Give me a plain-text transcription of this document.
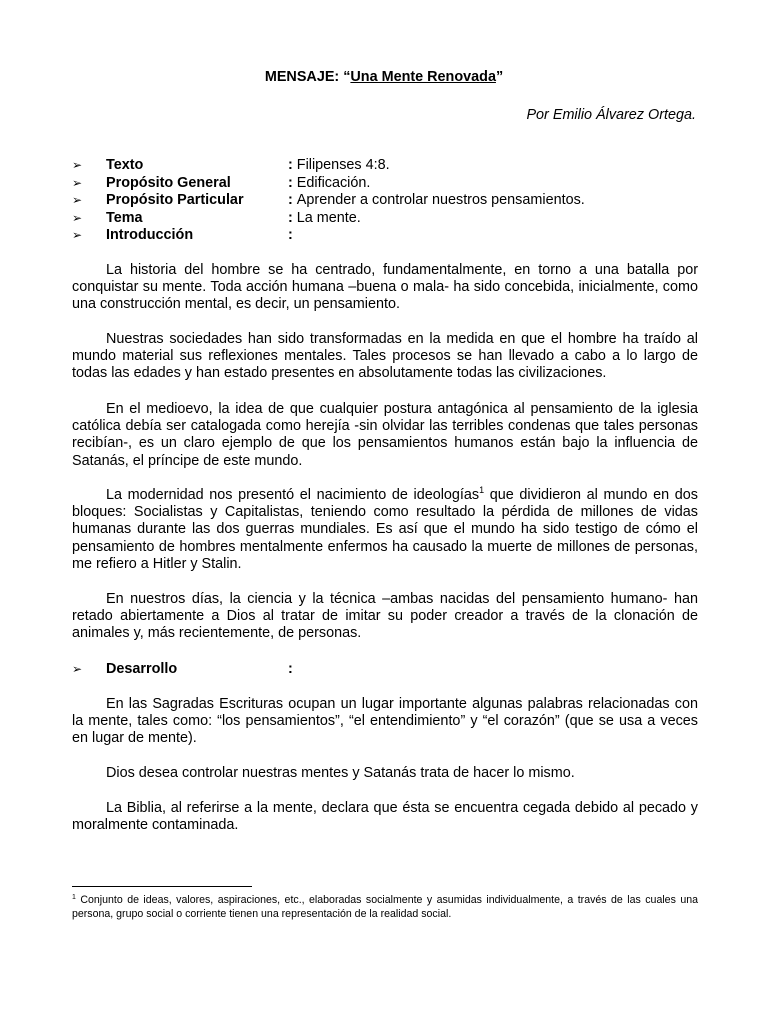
MENSAJE: “Una Mente Renovada”
Por Emilio Álvarez Ortega.
➢	Texto	: Filipenses 4:8.
➢	Propósito General	: Edificación.
➢	Propósito Particular	: Aprender a controlar nuestros pensamientos.
➢	Tema	: La mente.
➢	Introducción	:

La historia del hombre se ha centrado, fundamentalmente, en torno a una batalla por conquistar su mente. Toda acción humana –buena o mala- ha sido concebida, inicialmente, como una construcción mental, es decir, un pensamiento.

Nuestras sociedades han sido transformadas en la medida en que el hombre ha traído al mundo material sus reflexiones mentales. Tales procesos se han llevado a cabo a lo largo de todas las edades y han estado presentes en absolutamente todas las civilizaciones.

En el medioevo, la idea de que cualquier postura antagónica al pensamiento de la iglesia católica debía ser catalogada como herejía -sin olvidar las terribles condenas que tales personas recibían-, es un claro ejemplo de que los pensamientos humanos están bajo la influencia de Satanás, el príncipe de este mundo.

La modernidad nos presentó el nacimiento de ideologías$^1$ que dividieron al mundo en dos bloques: Socialistas y Capitalistas, teniendo como resultado la pérdida de millones de vidas humanas durante las dos guerras mundiales. Es así que el mundo ha sido testigo de cómo el pensamiento de hombres mentalmente enfermos ha causado la muerte de millones de personas, me refiero a Hitler y Stalin.

En nuestros días, la ciencia y la técnica –ambas nacidas del pensamiento humano- han retado abiertamente a Dios al tratar de imitar su poder creador a través de la clonación de animales y, más recientemente, de personas.

➢	Desarrollo	:

En las Sagradas Escrituras ocupan un lugar importante algunas palabras relacionadas con la mente, tales como: “los pensamientos”, “el entendimiento” y “el corazón” (que se usa a veces en lugar de mente).

Dios desea controlar nuestras mentes y Satanás trata de hacer lo mismo.

La Biblia, al referirse a la mente, declara que ésta se encuentra cegada debido al pecado y moralmente contaminada.

$^1$ Conjunto de ideas, valores, aspiraciones, etc., elaboradas socialmente y asumidas individualmente, a través de las cuales una persona, grupo social o corriente tienen una representación de la realidad social.
